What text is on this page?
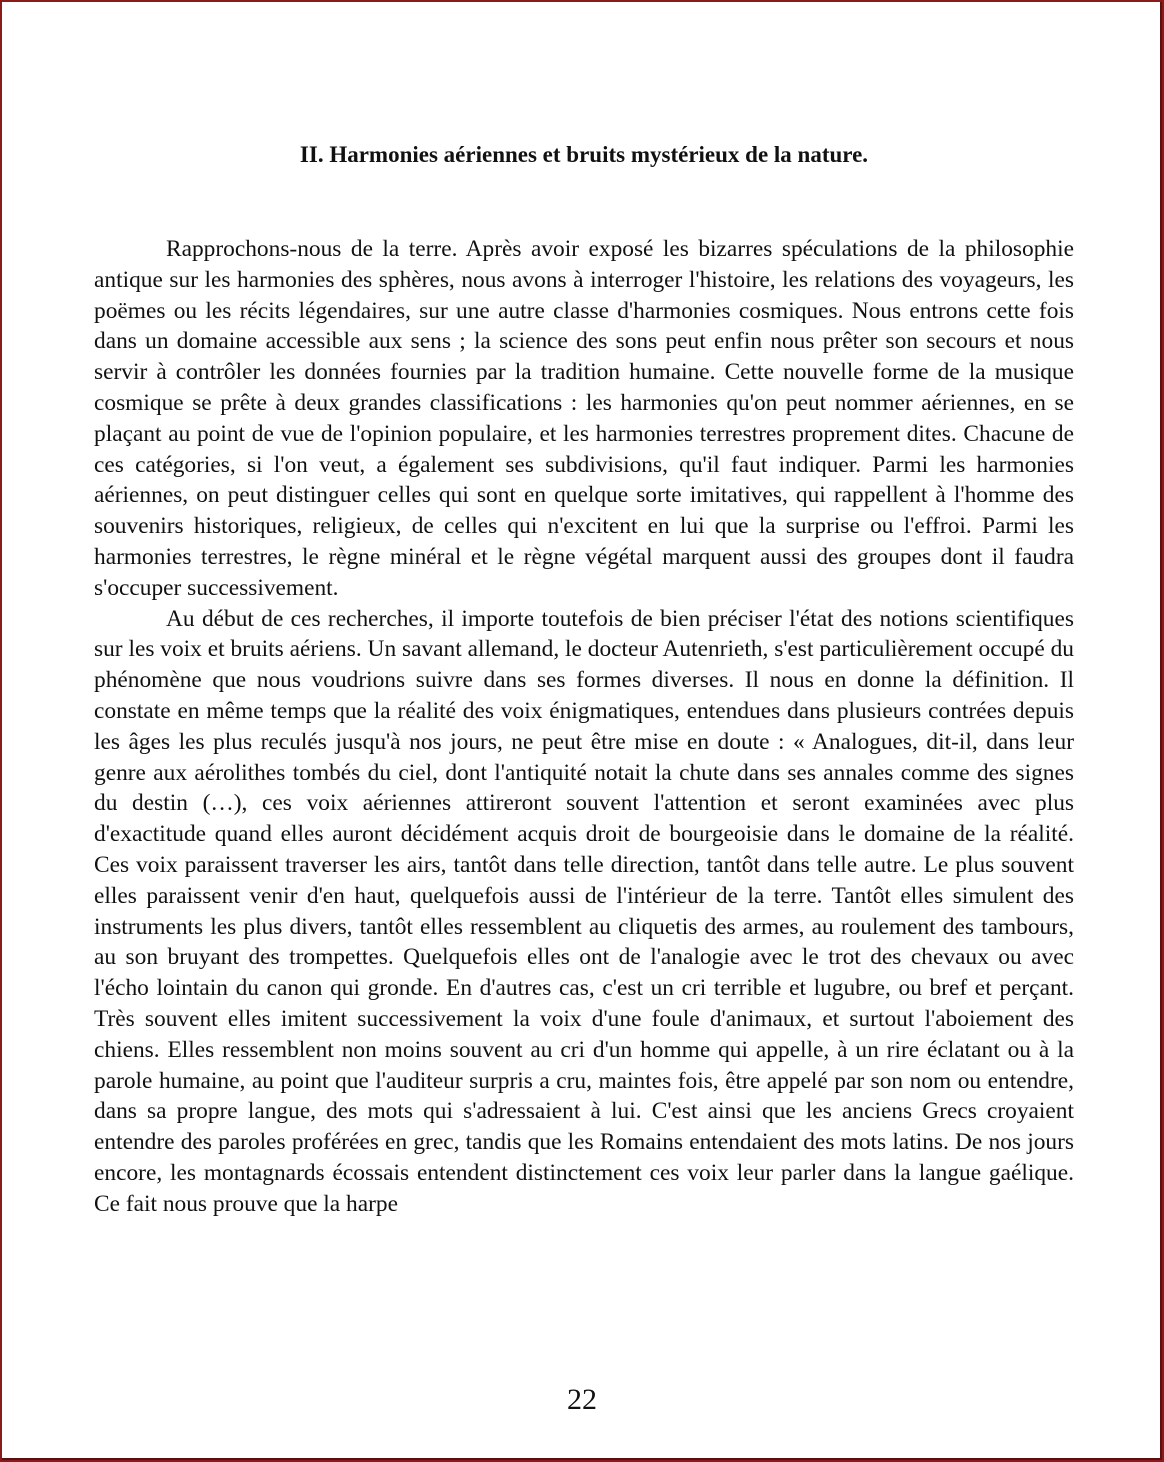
II. Harmonies aériennes et bruits mystérieux de la nature.

Rapprochons-nous de la terre. Après avoir exposé les bizarres spéculations de la philosophie antique sur les harmonies des sphères, nous avons à interroger l'histoire, les relations des voyageurs, les poëmes ou les récits légendaires, sur une autre classe d'harmonies cosmiques. Nous entrons cette fois dans un domaine accessible aux sens ; la science des sons peut enfin nous prêter son secours et nous servir à contrôler les données fournies par la tradition humaine. Cette nouvelle forme de la musique cosmique se prête à deux grandes classifications : les harmonies qu'on peut nommer aériennes, en se plaçant au point de vue de l'opinion populaire, et les harmonies terrestres proprement dites. Chacune de ces catégories, si l'on veut, a également ses subdivisions, qu'il faut indiquer. Parmi les harmonies aériennes, on peut distinguer celles qui sont en quelque sorte imitatives, qui rappellent à l'homme des souvenirs historiques, religieux, de celles qui n'excitent en lui que la surprise ou l'effroi. Parmi les harmonies terrestres, le règne minéral et le règne végétal marquent aussi des groupes dont il faudra s'occuper successivement.

Au début de ces recherches, il importe toutefois de bien préciser l'état des notions scientifiques sur les voix et bruits aériens. Un savant allemand, le docteur Autenrieth, s'est particulièrement occupé du phénomène que nous voudrions suivre dans ses formes diverses. Il nous en donne la définition. Il constate en même temps que la réalité des voix énigmatiques, entendues dans plusieurs contrées depuis les âges les plus reculés jusqu'à nos jours, ne peut être mise en doute : « Analogues, dit-il, dans leur genre aux aérolithes tombés du ciel, dont l'antiquité notait la chute dans ses annales comme des signes du destin (…), ces voix aériennes attireront souvent l'attention et seront examinées avec plus d'exactitude quand elles auront décidément acquis droit de bourgeoisie dans le domaine de la réalité. Ces voix paraissent traverser les airs, tantôt dans telle direction, tantôt dans telle autre. Le plus souvent elles paraissent venir d'en haut, quelquefois aussi de l'intérieur de la terre. Tantôt elles simulent des instruments les plus divers, tantôt elles ressemblent au cliquetis des armes, au roulement des tambours, au son bruyant des trompettes. Quelquefois elles ont de l'analogie avec le trot des chevaux ou avec l'écho lointain du canon qui gronde. En d'autres cas, c'est un cri terrible et lugubre, ou bref et perçant. Très souvent elles imitent successivement la voix d'une foule d'animaux, et surtout l'aboiement des chiens. Elles ressemblent non moins souvent au cri d'un homme qui appelle, à un rire éclatant ou à la parole humaine, au point que l'auditeur surpris a cru, maintes fois, être appelé par son nom ou entendre, dans sa propre langue, des mots qui s'adressaient à lui. C'est ainsi que les anciens Grecs croyaient entendre des paroles proférées en grec, tandis que les Romains entendaient des mots latins. De nos jours encore, les montagnards écossais entendent distinctement ces voix leur parler dans la langue gaélique. Ce fait nous prouve que la harpe

22
